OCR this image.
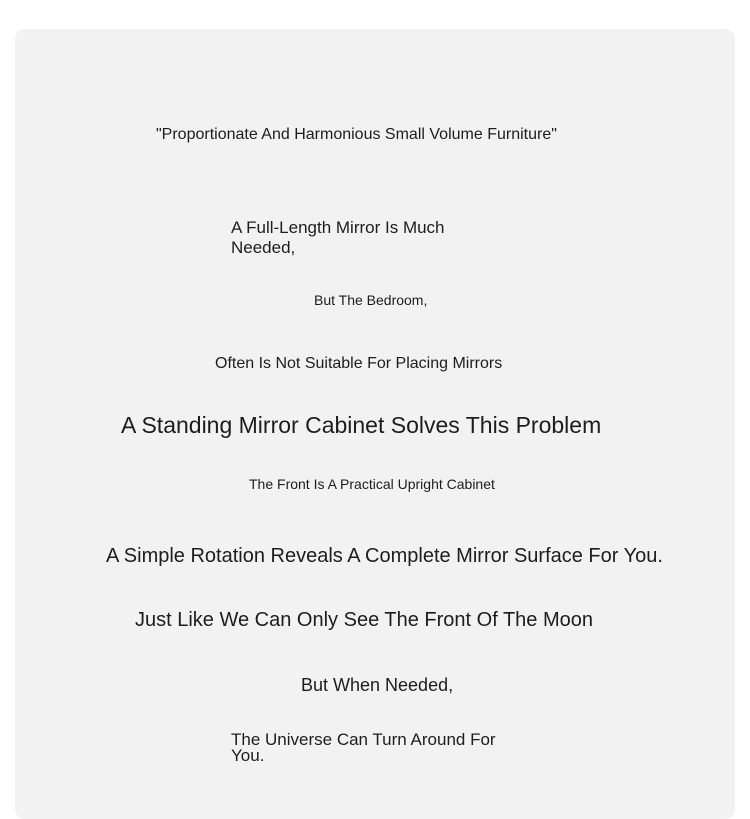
"Proportionate And Harmonious Small Volume Furniture"
A Full-Length Mirror Is Much Needed,
But The Bedroom,
Often Is Not Suitable For Placing Mirrors
A Standing Mirror Cabinet Solves This Problem
The Front Is A Practical Upright Cabinet
A Simple Rotation Reveals A Complete Mirror Surface For You.
Just Like We Can Only See The Front Of The Moon
But When Needed,
The Universe Can Turn Around For You.
